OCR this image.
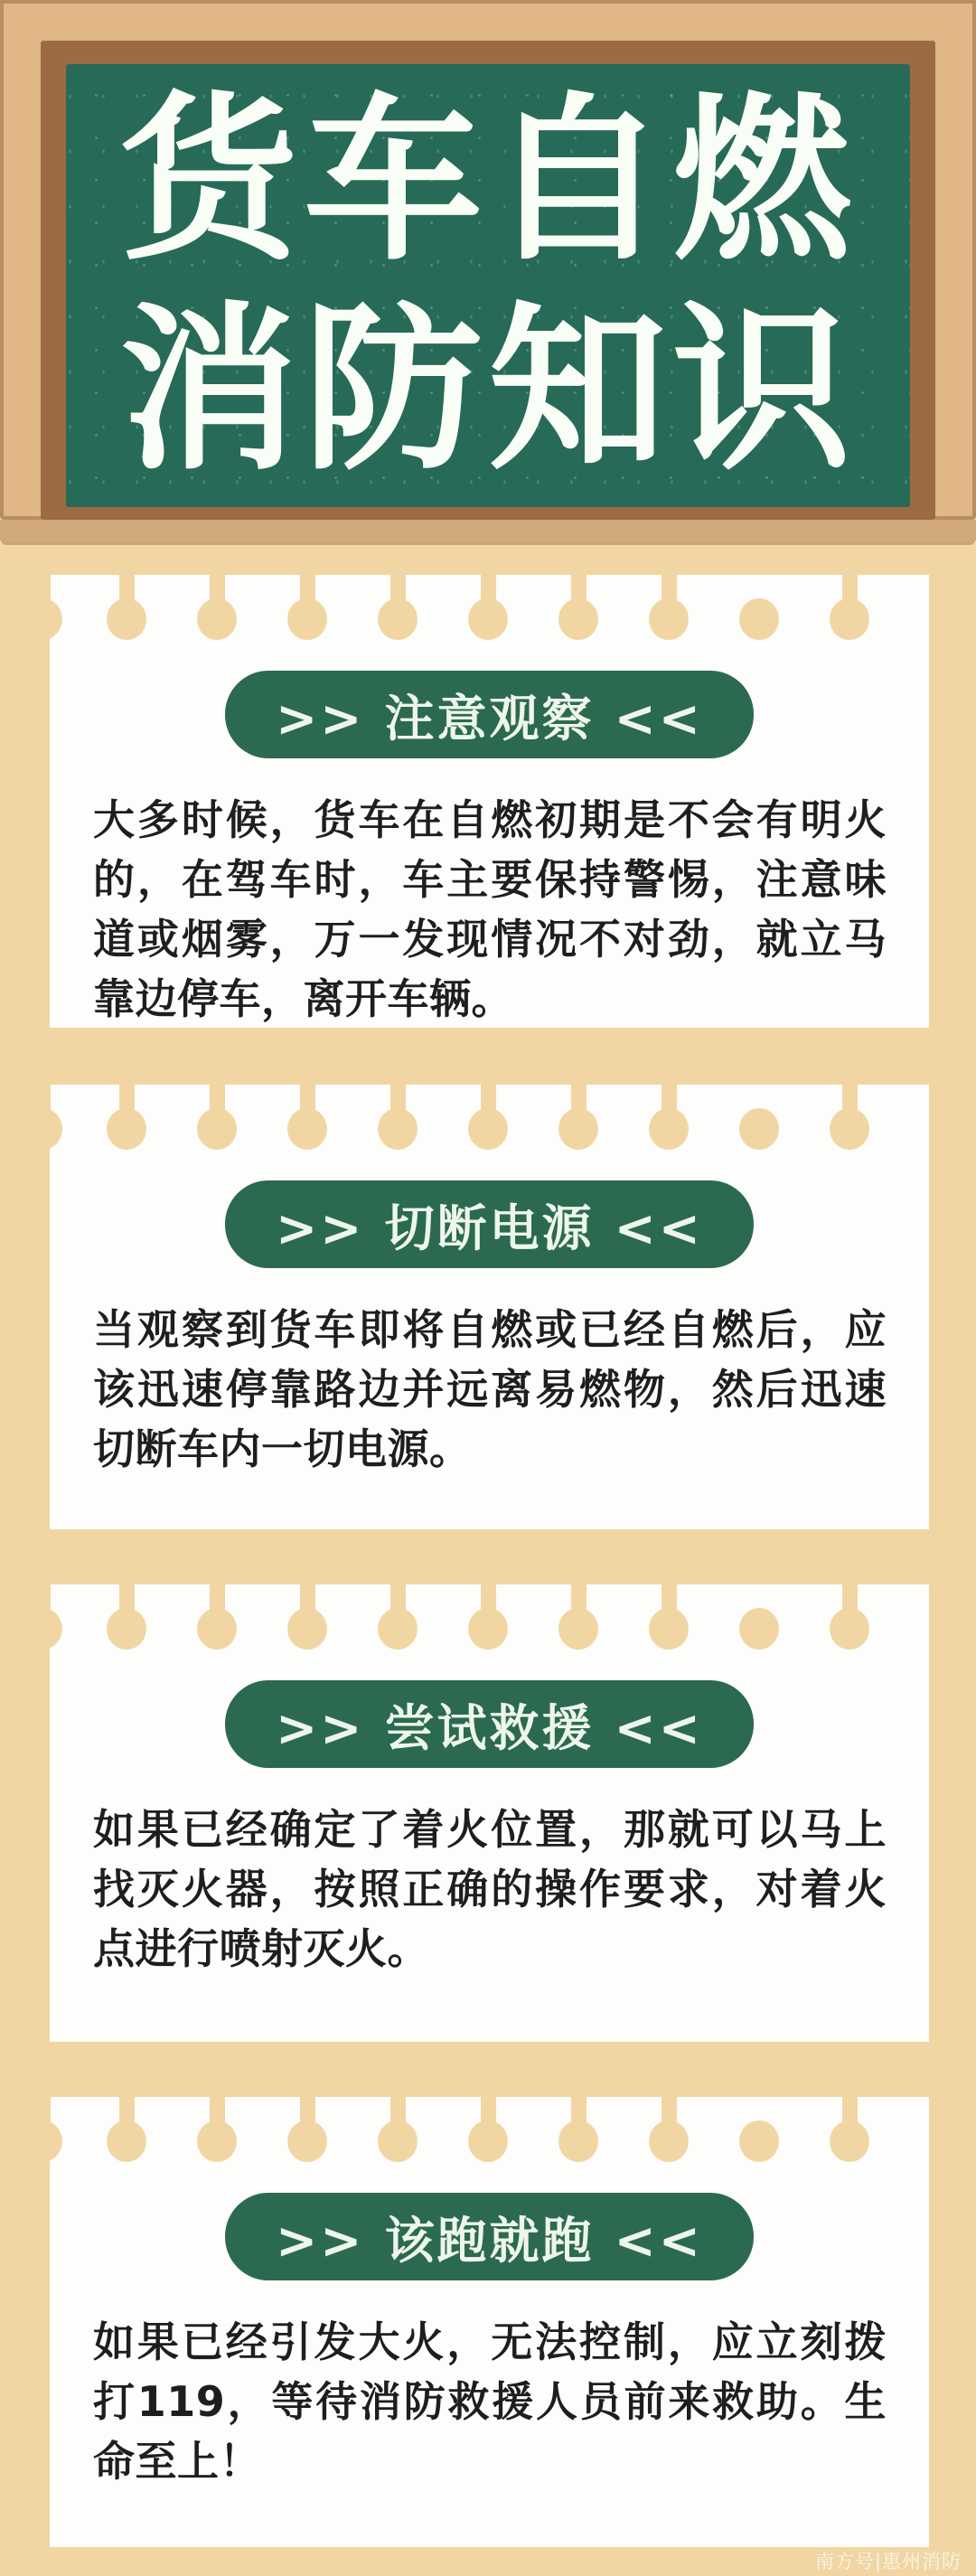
货车自燃
消防知识
>> 注意观察 <<
大多时候，货车在自燃初期是不会有明火的，在驾车时，车主要保持警惕，注意味道或烟雾，万一发现情况不对劲，就立马靠边停车，离开车辆。
>> 切断电源 <<
当观察到货车即将自燃或已经自燃后，应该迅速停靠路边并远离易燃物，然后迅速切断车内一切电源。
>> 尝试救援 <<
如果已经确定了着火位置，那就可以马上找灭火器，按照正确的操作要求，对着火点进行喷射灭火。
>> 该跑就跑 <<
如果已经引发大火，无法控制，应立刻拨打119，等待消防救援人员前来救助。生命至上！
南方号|惠州消防
